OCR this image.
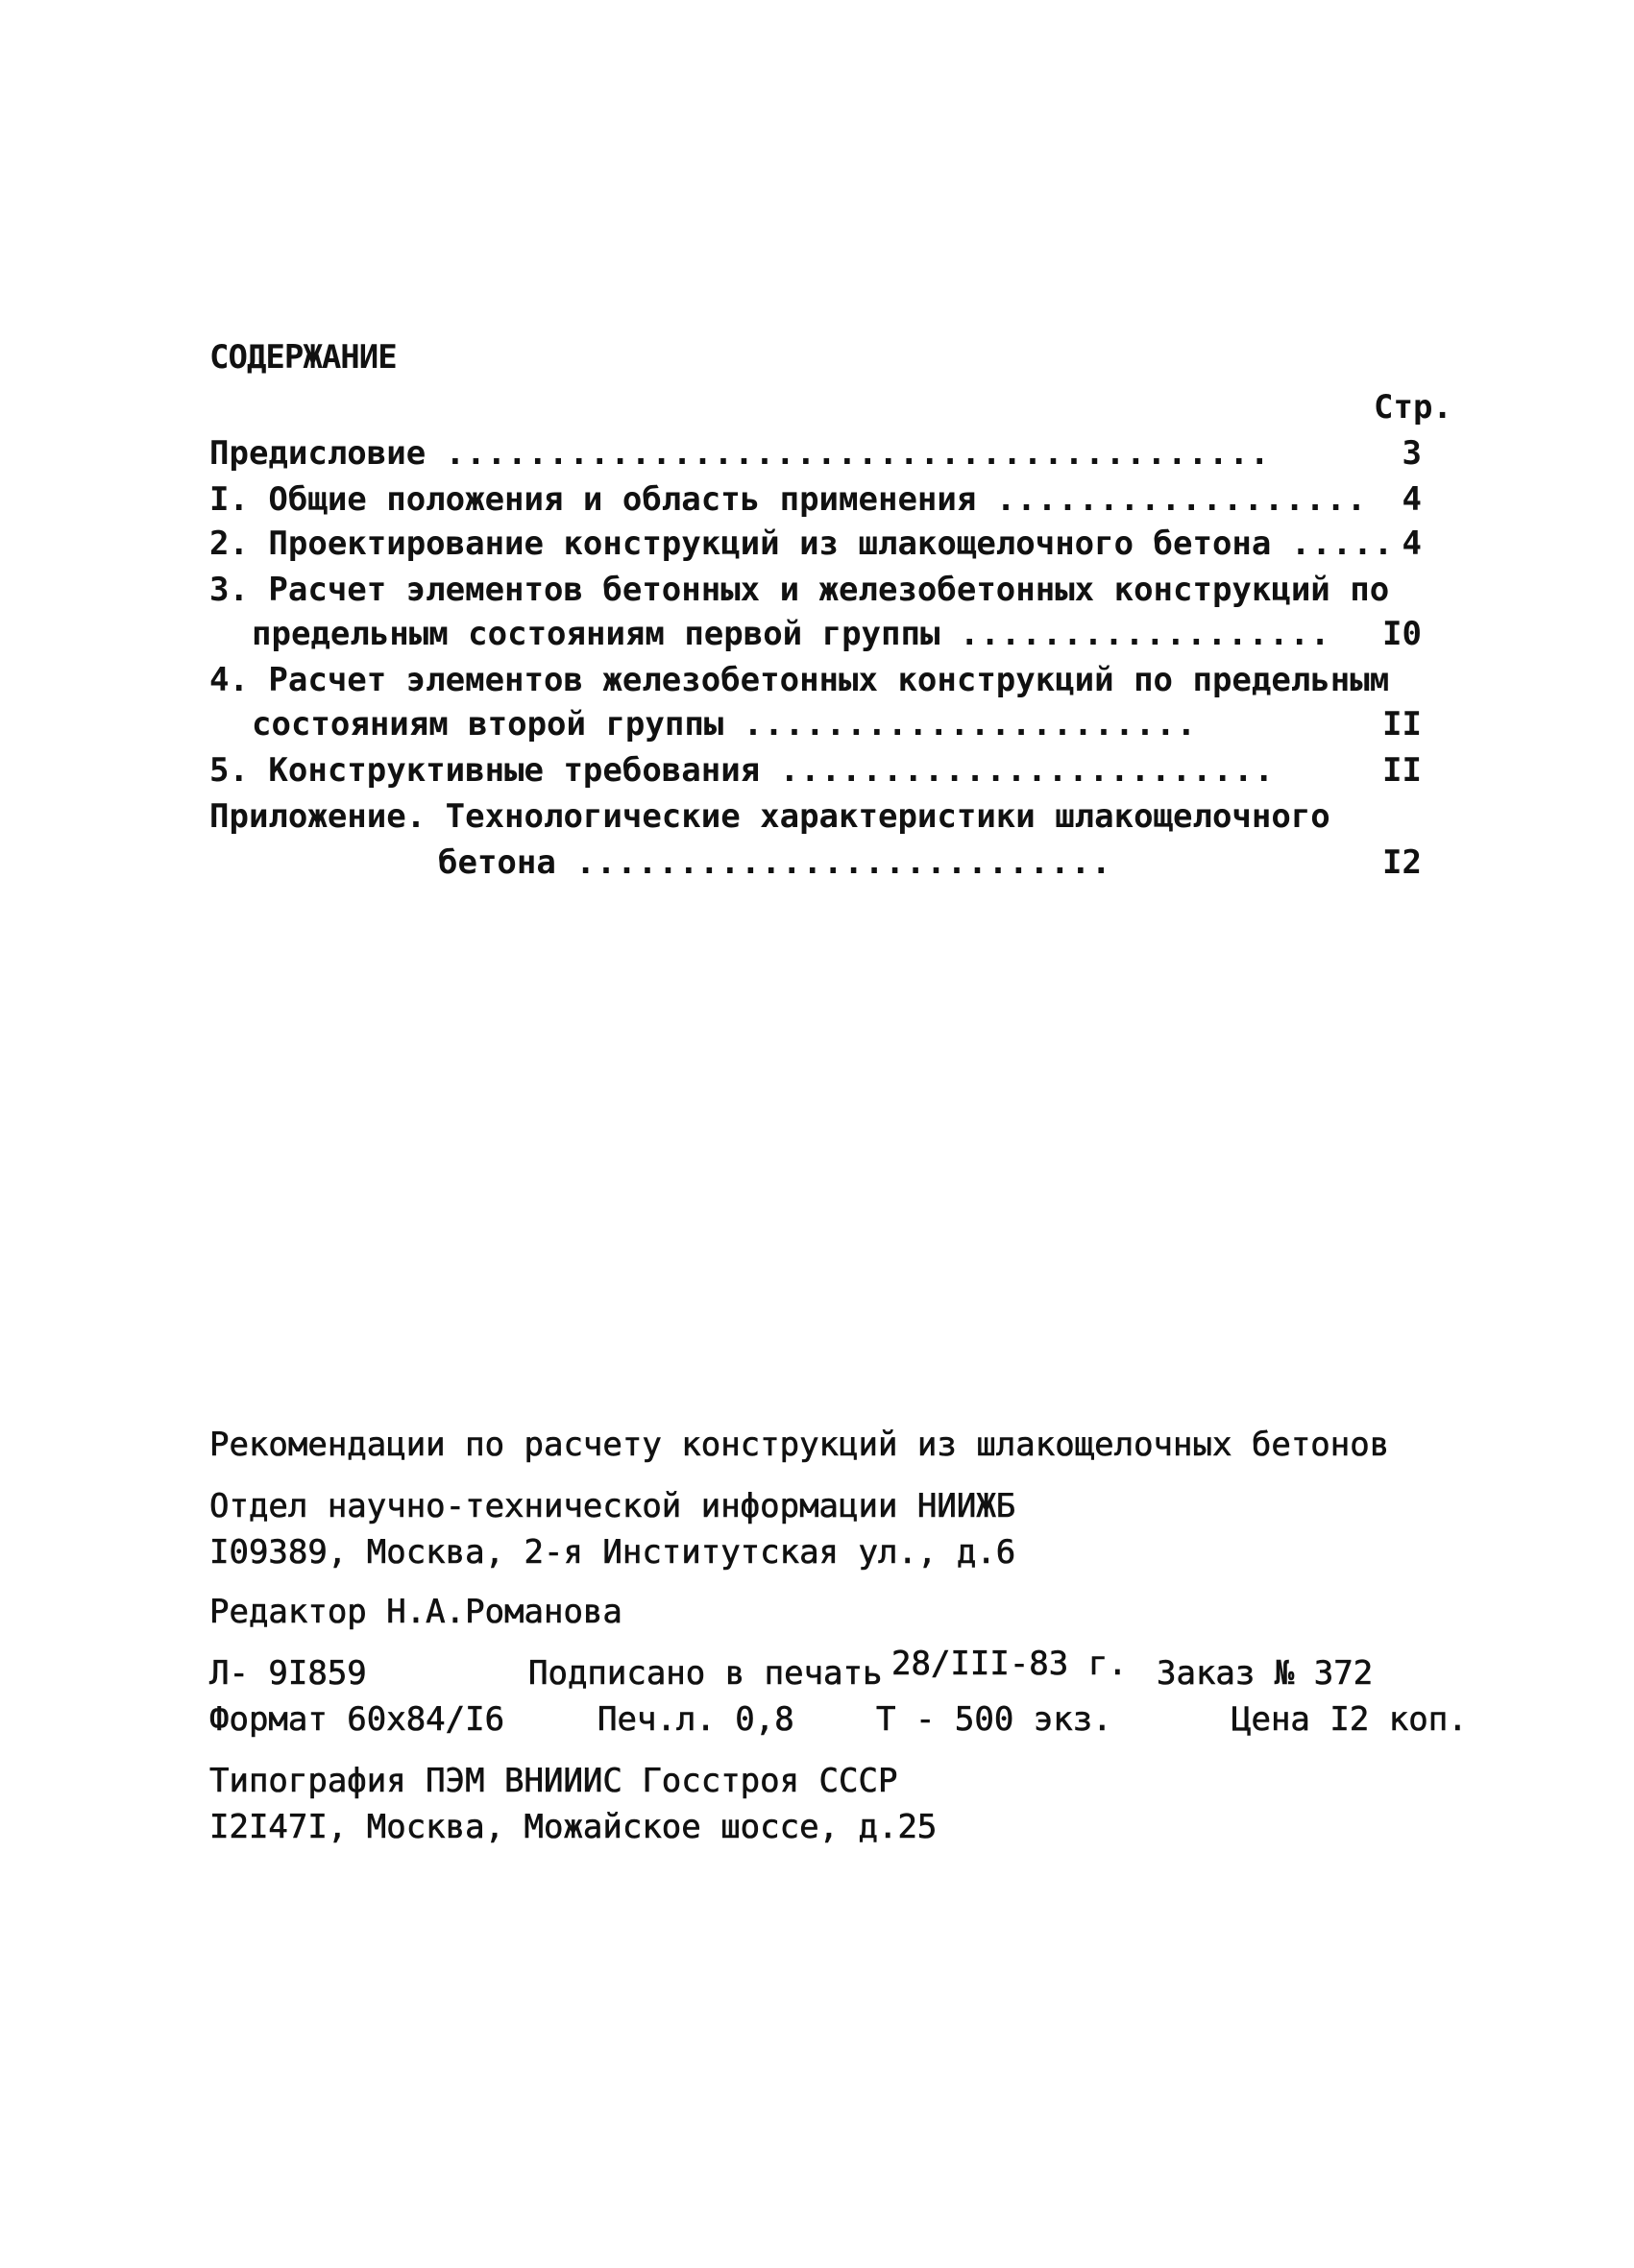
СОДЕРЖАНИЕ
Стр.
Предисловие ........................................	3
I. Общие положения и область применения ..................	4
2. Проектирование конструкций из шлакощелочного бетона ..... 4
3. Расчет элементов бетонных и железобетонных конструкций по
предельным состояниям первой группы ..................	I0
4. Расчет элементов железобетонных конструкций по предельным
состояниям второй группы ......................	II
5. Конструктивные требования ........................	II
Приложение. Технологические характеристики шлакощелочного
бетона ..........................	I2
Рекомендации по расчету конструкций из шлакощелочных бетонов
Отдел научно-технической информации НИИЖБ
I09389, Москва, 2-я Институтская ул., д.6
Редактор Н.А.Романова
Л- 9I859	Подписано в печать 28/III-83 г. Заказ № 372
Формат 60х84/I6	Печ.л. 0,8	Т - 500 экз.	Цена I2 коп.
Типография ПЭМ ВНИИИС Госстроя СССР
I2I47I, Москва, Можайское шоссе, д.25
